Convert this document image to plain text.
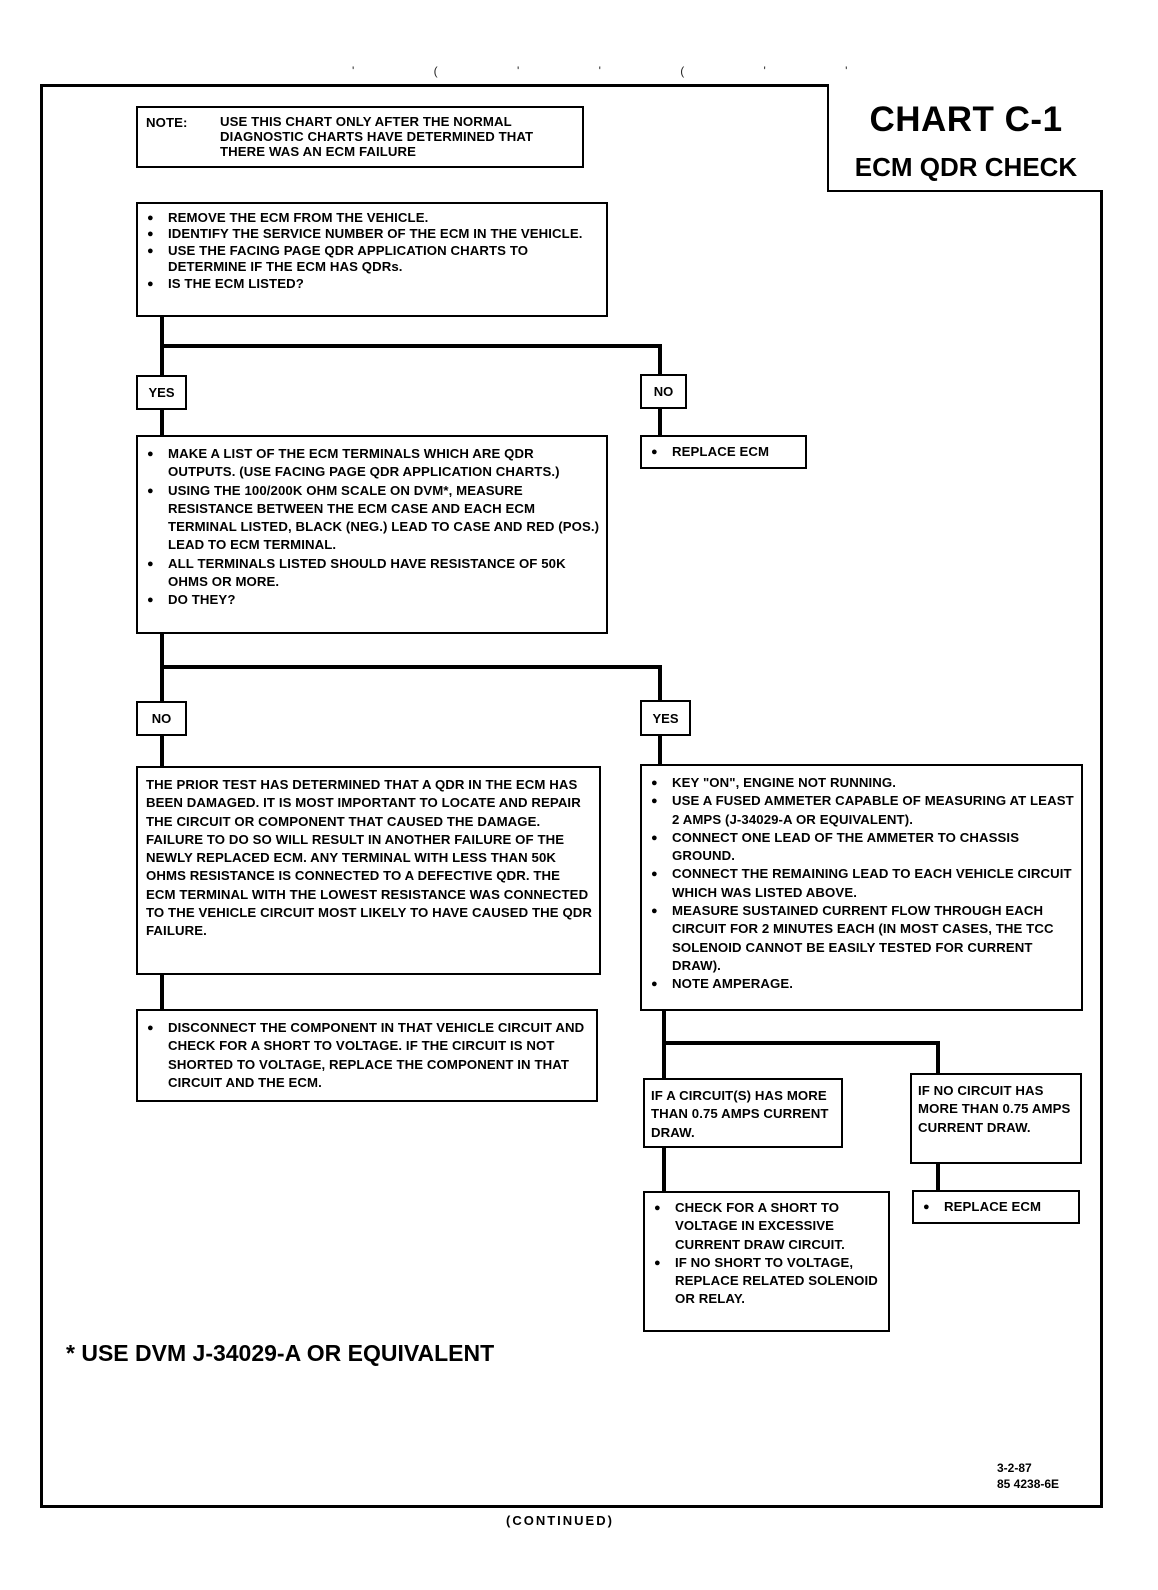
' ( ' ' ( ' '
CHART C-1
ECM QDR CHECK
NOTE: USE THIS CHART ONLY AFTER THE NORMAL DIAGNOSTIC CHARTS HAVE DETERMINED THAT THERE WAS AN ECM FAILURE
● REMOVE THE ECM FROM THE VEHICLE.
● IDENTIFY THE SERVICE NUMBER OF THE ECM IN THE VEHICLE.
● USE THE FACING PAGE QDR APPLICATION CHARTS TO DETERMINE IF THE ECM HAS QDRs.
● IS THE ECM LISTED?
YES	NO
● REPLACE ECM
● MAKE A LIST OF THE ECM TERMINALS WHICH ARE QDR OUTPUTS. (USE FACING PAGE QDR APPLICATION CHARTS.)
● USING THE 100/200K OHM SCALE ON DVM*, MEASURE RESISTANCE BETWEEN THE ECM CASE AND EACH ECM TERMINAL LISTED, BLACK (NEG.) LEAD TO CASE AND RED (POS.) LEAD TO ECM TERMINAL.
● ALL TERMINALS LISTED SHOULD HAVE RESISTANCE OF 50K OHMS OR MORE.
● DO THEY?
NO	YES

THE PRIOR TEST HAS DETERMINED THAT A QDR IN THE ECM HAS BEEN DAMAGED. IT IS MOST IMPORTANT TO LOCATE AND REPAIR THE CIRCUIT OR COMPONENT THAT CAUSED THE DAMAGE. FAILURE TO DO SO WILL RESULT IN ANOTHER FAILURE OF THE NEWLY REPLACED ECM. ANY TERMINAL WITH LESS THAN 50K OHMS RESISTANCE IS CONNECTED TO A DEFECTIVE QDR. THE ECM TERMINAL WITH THE LOWEST RESISTANCE WAS CONNECTED TO THE VEHICLE CIRCUIT MOST LIKELY TO HAVE CAUSED THE QDR FAILURE.

● KEY "ON", ENGINE NOT RUNNING.
● USE A FUSED AMMETER CAPABLE OF MEASURING AT LEAST 2 AMPS (J-34029-A OR EQUIVALENT).
● CONNECT ONE LEAD OF THE AMMETER TO CHASSIS GROUND.
● CONNECT THE REMAINING LEAD TO EACH VEHICLE CIRCUIT WHICH WAS LISTED ABOVE.
● MEASURE SUSTAINED CURRENT FLOW THROUGH EACH CIRCUIT FOR 2 MINUTES EACH (IN MOST CASES, THE TCC SOLENOID CANNOT BE EASILY TESTED FOR CURRENT DRAW).
● NOTE AMPERAGE.
● DISCONNECT THE COMPONENT IN THAT VEHICLE CIRCUIT AND CHECK FOR A SHORT TO VOLTAGE. IF THE CIRCUIT IS NOT SHORTED TO VOLTAGE, REPLACE THE COMPONENT IN THAT CIRCUIT AND THE ECM.

IF A CIRCUIT(S) HAS MORE THAN 0.75 AMPS CURRENT DRAW.

IF NO CIRCUIT HAS MORE THAN 0.75 AMPS CURRENT DRAW.

● CHECK FOR A SHORT TO VOLTAGE IN EXCESSIVE CURRENT DRAW CIRCUIT.
● IF NO SHORT TO VOLTAGE, REPLACE RELATED SOLENOID OR RELAY.
● REPLACE ECM
* USE DVM J-34029-A OR EQUIVALENT
3-2-87
85 4238-6E
(CONTINUED)
